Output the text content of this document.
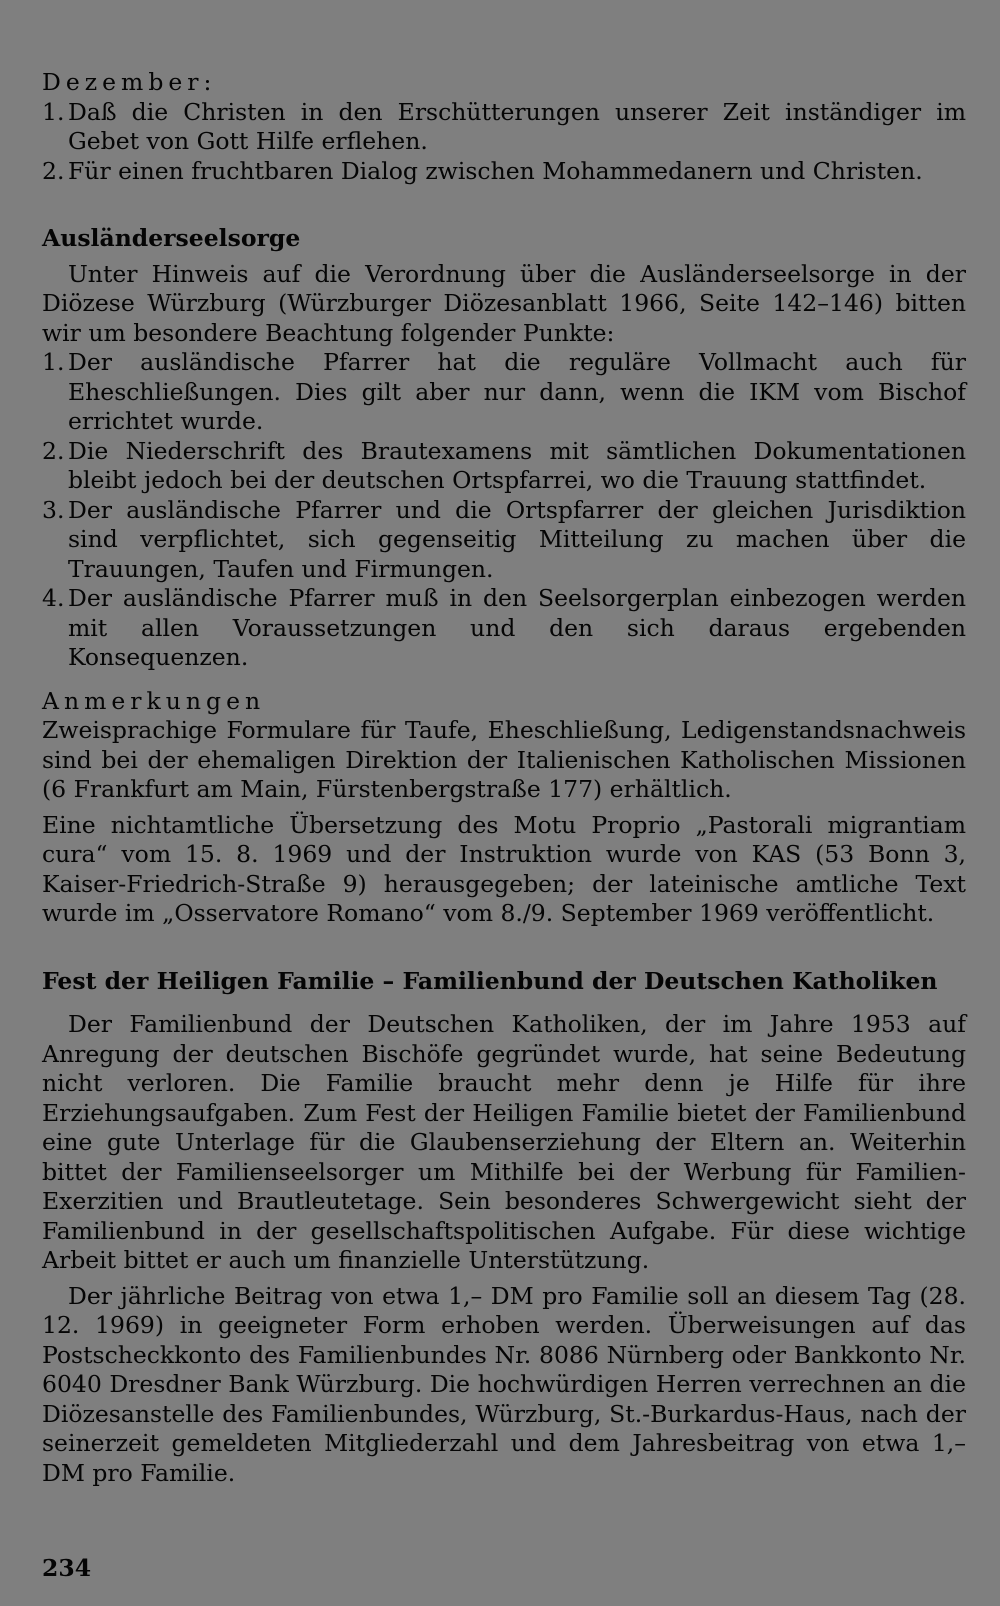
Dezember:
1. Daß die Christen in den Erschütterungen unserer Zeit inständiger im Gebet von Gott Hilfe erflehen.
2. Für einen fruchtbaren Dialog zwischen Mohammedanern und Christen.
Ausländerseelsorge

Unter Hinweis auf die Verordnung über die Ausländerseelsorge in der Diözese Würzburg (Würzburger Diözesanblatt 1966, Seite 142–146) bitten wir um besondere Beachtung folgender Punkte:

1. Der ausländische Pfarrer hat die reguläre Vollmacht auch für Eheschließungen. Dies gilt aber nur dann, wenn die IKM vom Bischof errichtet wurde.
2. Die Niederschrift des Brautexamens mit sämtlichen Dokumentationen bleibt jedoch bei der deutschen Ortspfarrei, wo die Trauung stattfindet.
3. Der ausländische Pfarrer und die Ortspfarrer der gleichen Jurisdiktion sind verpflichtet, sich gegenseitig Mitteilung zu machen über die Trauungen, Taufen und Firmungen.
4. Der ausländische Pfarrer muß in den Seelsorgerplan einbezogen werden mit allen Voraussetzungen und den sich daraus ergebenden Konsequenzen.
Anmerkungen

Zweisprachige Formulare für Taufe, Eheschließung, Ledigenstandsnachweis sind bei der ehemaligen Direktion der Italienischen Katholischen Missionen (6 Frankfurt am Main, Fürstenbergstraße 177) erhältlich.

Eine nichtamtliche Übersetzung des Motu Proprio „Pastorali migrantiam cura“ vom 15. 8. 1969 und der Instruktion wurde von KAS (53 Bonn 3, Kaiser-Friedrich-Straße 9) herausgegeben; der lateinische amtliche Text wurde im „Osservatore Romano“ vom 8./9. September 1969 veröffentlicht.

Fest der Heiligen Familie – Familienbund der Deutschen Katholiken

Der Familienbund der Deutschen Katholiken, der im Jahre 1953 auf Anregung der deutschen Bischöfe gegründet wurde, hat seine Bedeutung nicht verloren. Die Familie braucht mehr denn je Hilfe für ihre Erziehungsaufgaben. Zum Fest der Heiligen Familie bietet der Familienbund eine gute Unterlage für die Glaubenserziehung der Eltern an. Weiterhin bittet der Familienseelsorger um Mithilfe bei der Werbung für Familien-Exerzitien und Brautleutetage. Sein besonderes Schwergewicht sieht der Familienbund in der gesellschaftspolitischen Aufgabe. Für diese wichtige Arbeit bittet er auch um finanzielle Unterstützung.

Der jährliche Beitrag von etwa 1,– DM pro Familie soll an diesem Tag (28. 12. 1969) in geeigneter Form erhoben werden. Überweisungen auf das Postscheckkonto des Familienbundes Nr. 8086 Nürnberg oder Bankkonto Nr. 6040 Dresdner Bank Würzburg. Die hochwürdigen Herren verrechnen an die Diözesanstelle des Familienbundes, Würzburg, St.-Burkardus-Haus, nach der seinerzeit gemeldeten Mitgliederzahl und dem Jahresbeitrag von etwa 1,– DM pro Familie.

234
